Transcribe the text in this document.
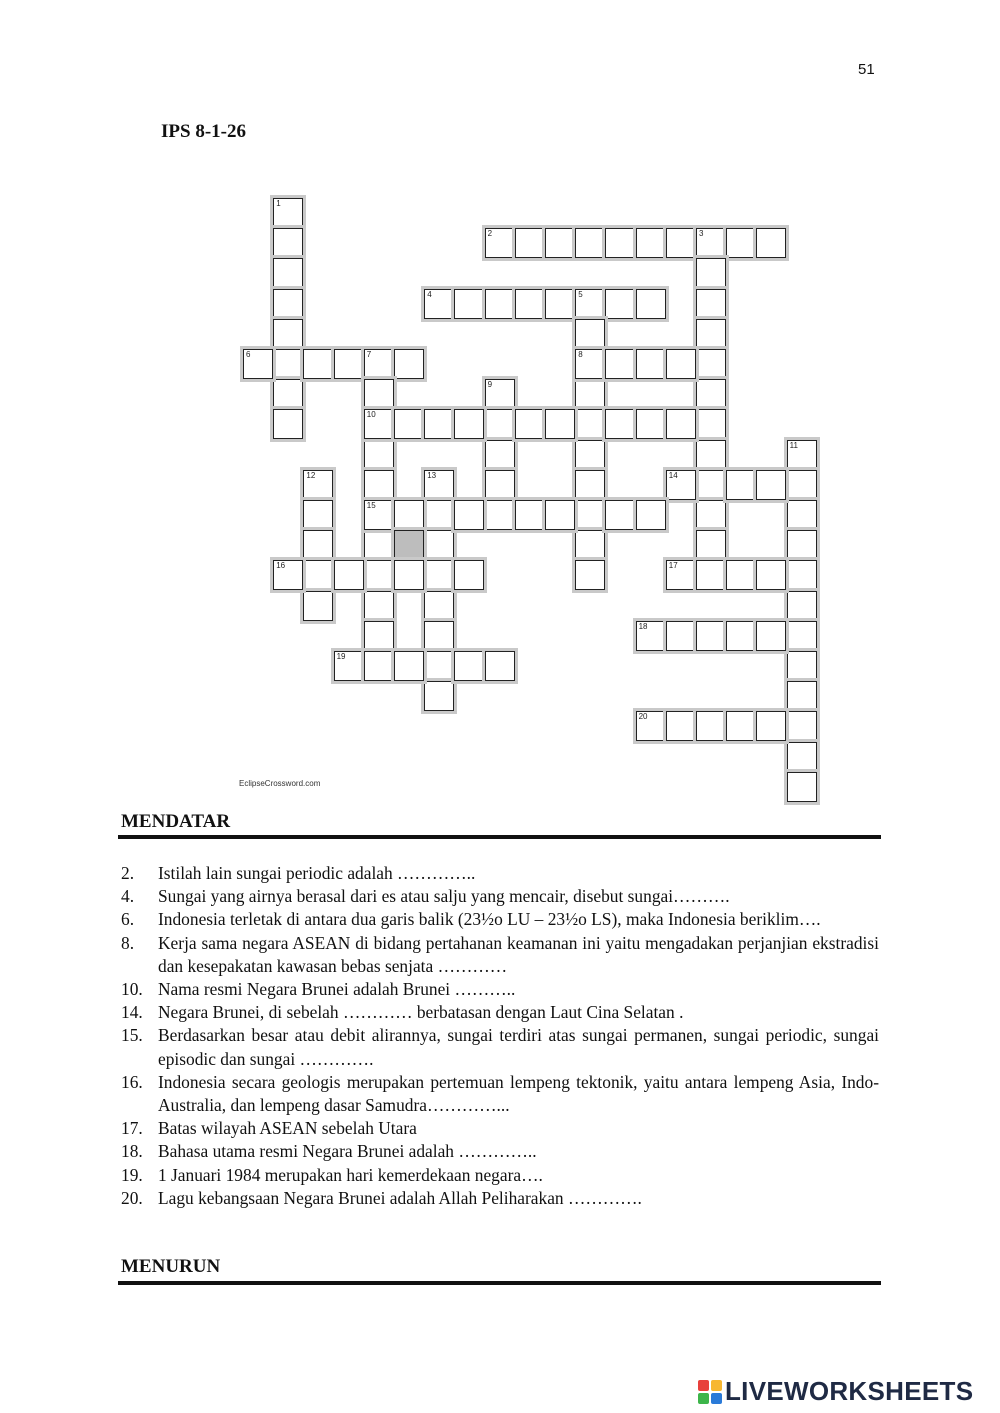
51
IPS 8-1-26
1
2	3
4	5
6	7	8
9
10
11
12	13	14
15
16	17
18
19
20
EclipseCrossword.com
MENDATAR
2. Istilah lain sungai periodic adalah …………..
4. Sungai yang airnya berasal dari es atau salju yang mencair, disebut sungai……….
6. Indonesia terletak di antara dua garis balik (23½o LU – 23½o LS), maka Indonesia beriklim….
8. Kerja sama negara ASEAN di bidang pertahanan keamanan ini yaitu mengadakan perjanjian ekstradisi dan kesepakatan kawasan bebas senjata …………
10. Nama resmi Negara Brunei adalah Brunei ………..
14. Negara Brunei, di sebelah ………… berbatasan dengan Laut Cina Selatan .
15. Berdasarkan besar atau debit alirannya, sungai terdiri atas sungai permanen, sungai periodic, sungai episodic dan sungai ………….
16. Indonesia secara geologis merupakan pertemuan lempeng tektonik, yaitu antara lempeng Asia, Indo-Australia, dan lempeng dasar Samudra…………...
17. Batas wilayah ASEAN sebelah Utara
18. Bahasa utama resmi Negara Brunei adalah …………..
19. 1 Januari 1984 merupakan hari kemerdekaan negara….
20. Lagu kebangsaan Negara Brunei adalah Allah Peliharakan ………….
MENURUN
LIVEWORKSHEETS
